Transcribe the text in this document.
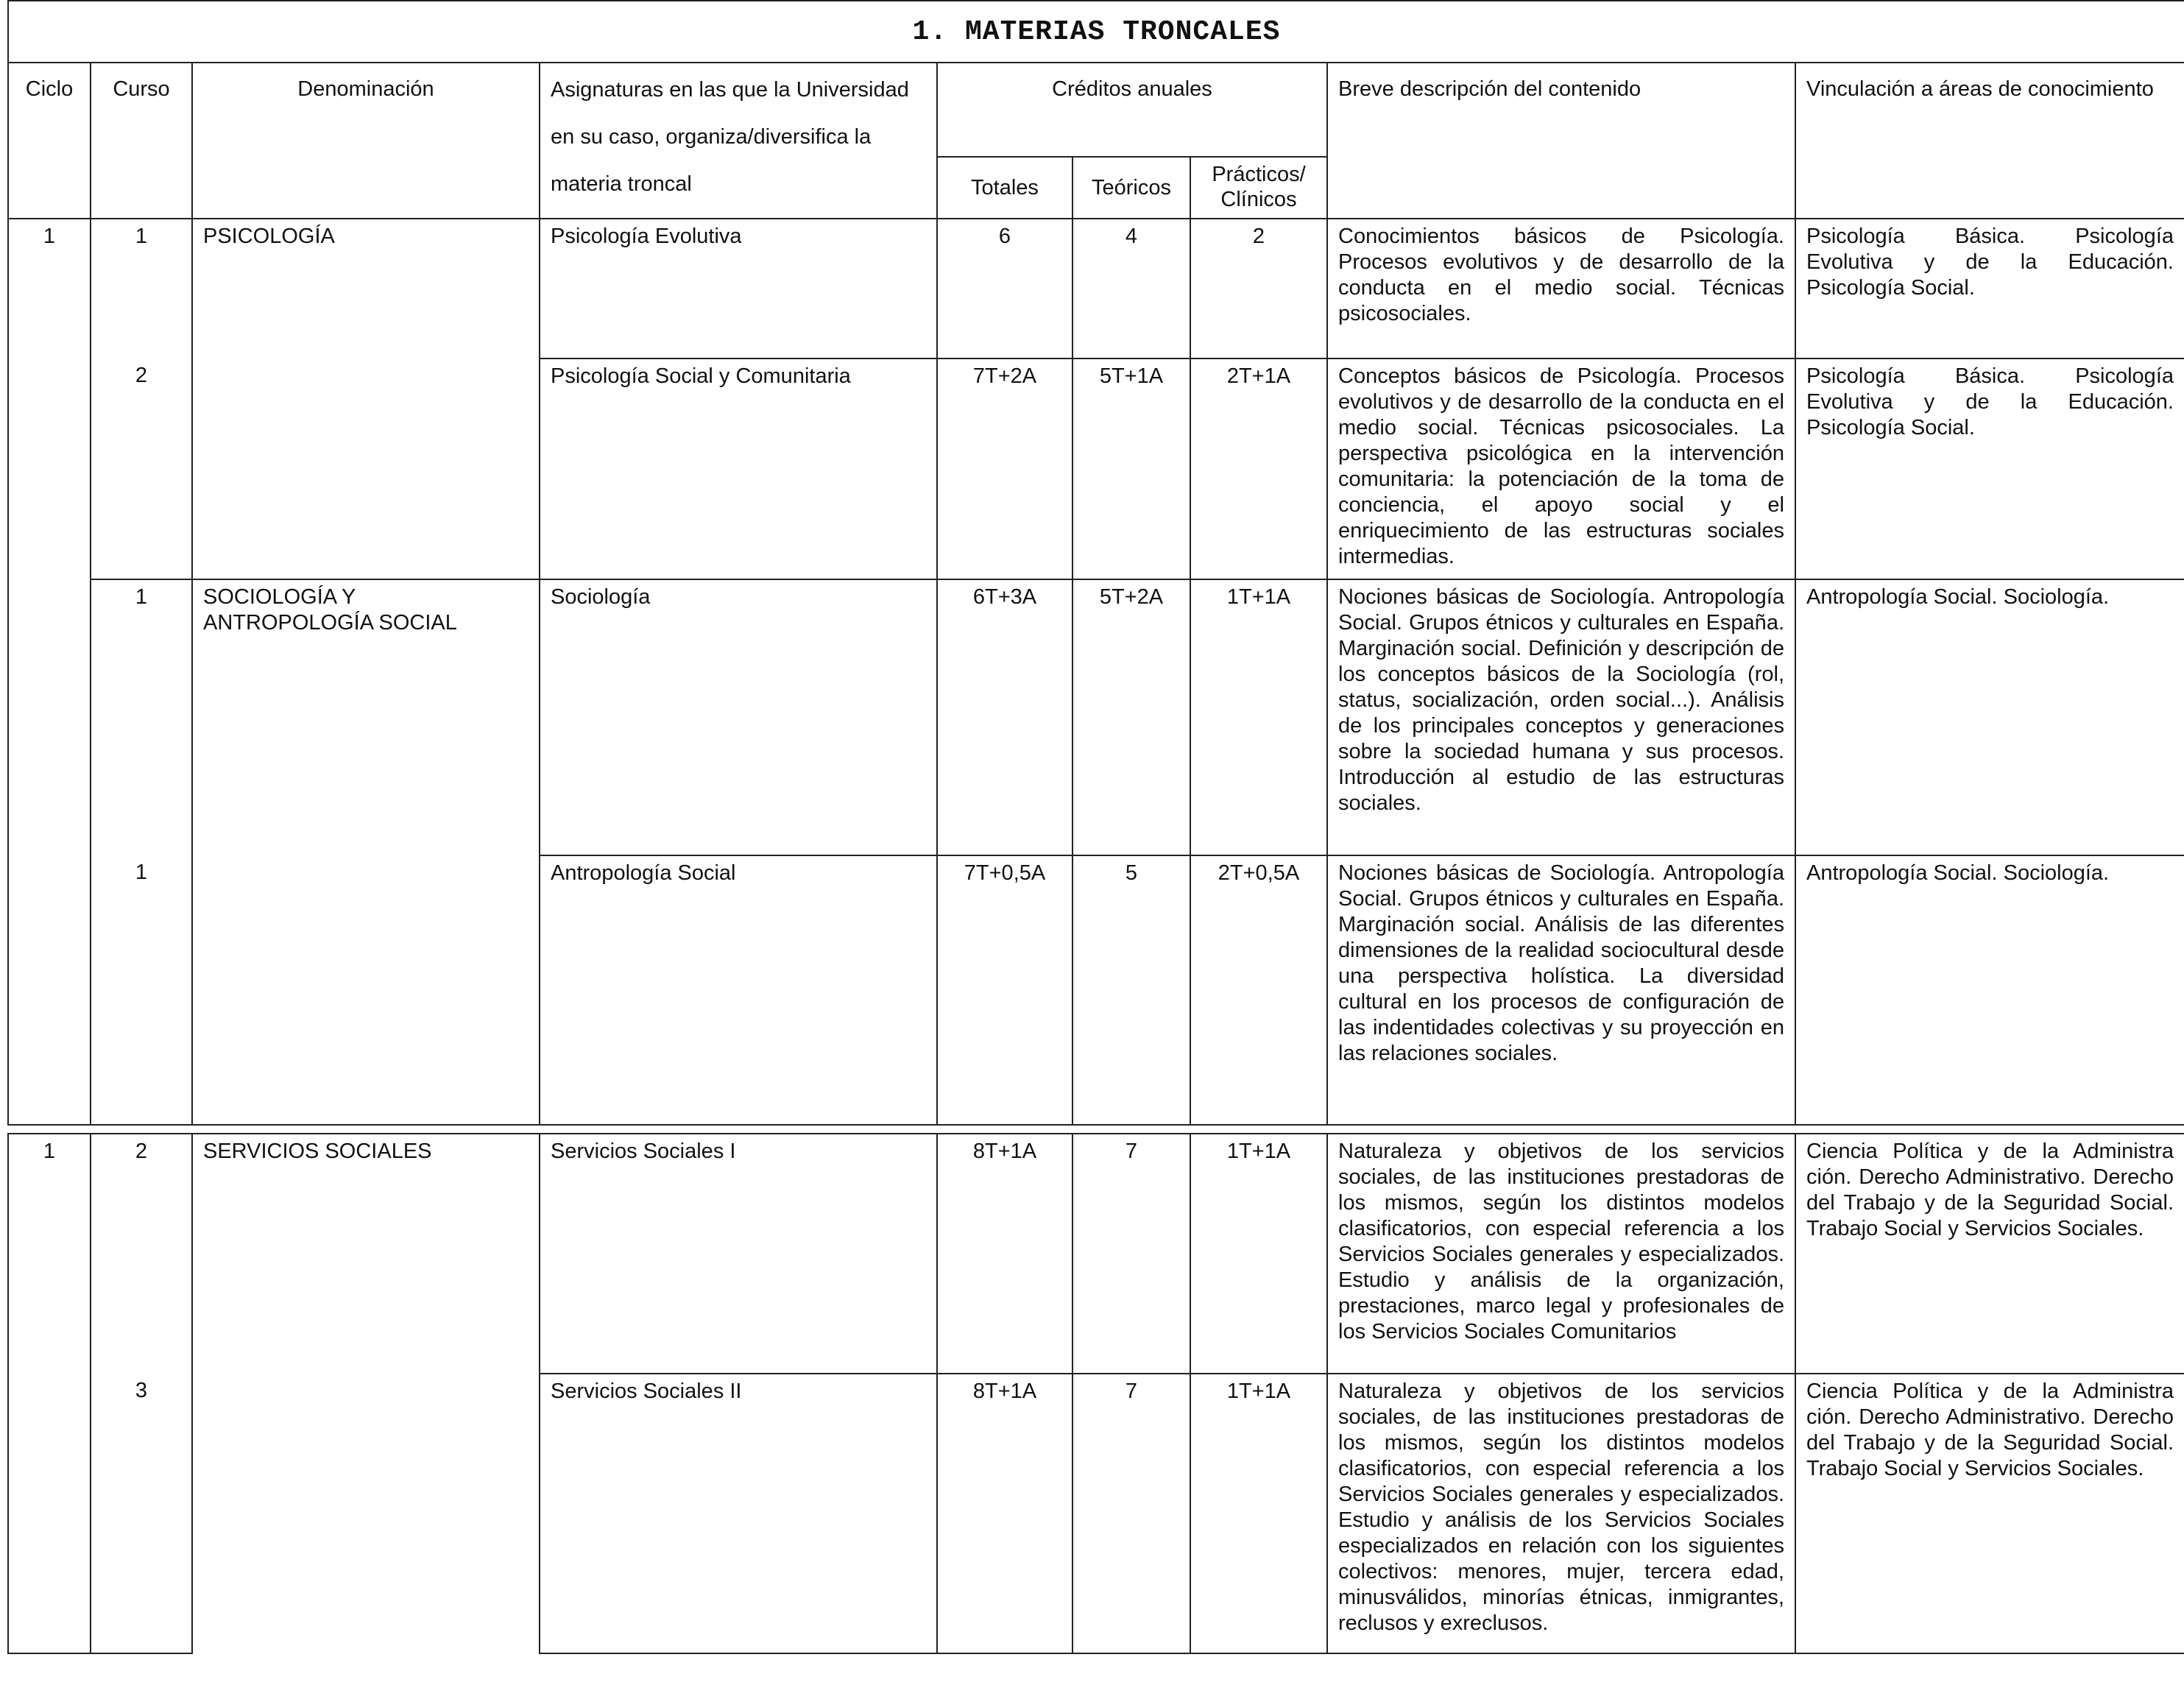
1. MATERIAS TRONCALES								
Ciclo	Curso	Denominación	Asignaturas en las que la Universidad
en su caso, organiza/diversifica la
materia troncal	Créditos anuales			Breve descripción del contenido	Vinculación a áreas de conocimiento
				Totales	Teóricos	Prácticos/
Clínicos		
1	1	PSICOLOGÍA	Psicología Evolutiva	6	4	2	Conocimientos básicos de Psicología. Procesos evolutivos y de desarrollo de la conducta en el medio social. Técnicas psicosociales.	Psicología Básica. Psicología Evolutiva y de la Educación. Psicología Social.
	2		Psicología Social y Comunitaria	7T+2A	5T+1A	2T+1A	Conceptos básicos de Psicología. Procesos evolutivos y de desarrollo de la conducta en el medio social. Técnicas psicosociales. La perspectiva psicológica en la intervención comunitaria: la potenciación de la toma de conciencia, el apoyo social y el enriquecimiento de las estructuras sociales intermedias.	Psicología Básica. Psicología Evolutiva y de la Educación. Psicología Social.
	1	SOCIOLOGÍA Y ANTROPOLOGÍA SOCIAL	Sociología	6T+3A	5T+2A	1T+1A	Nociones básicas de Sociología. Antropología Social. Grupos étnicos y culturales en España. Marginación social. Definición y descripción de los conceptos básicos de la Sociología (rol, status, socialización, orden social...). Análisis de los principales conceptos y generaciones sobre la sociedad humana y sus procesos. Introducción al estudio de las estructuras sociales.	Antropología Social. Sociología.
	1		Antropología Social	7T+0,5A	5	2T+0,5A	Nociones básicas de Sociología. Antropología Social. Grupos étnicos y culturales en España. Marginación social. Análisis de las diferentes dimensiones de la realidad sociocultural desde una perspectiva holística. La diversidad cultural en los procesos de configuración de las indentidades colectivas y su proyección en las relaciones sociales.	Antropología Social. Sociología.
1	2	SERVICIOS SOCIALES	Servicios Sociales I	8T+1A	7	1T+1A	Naturaleza y objetivos de los servicios sociales, de las instituciones prestadoras de los mismos, según los distintos modelos clasificatorios, con especial referencia a los Servicios Sociales generales y especializados. Estudio y análisis de la organización, prestaciones, marco legal y profesionales de los Servicios Sociales Comunitarios	Ciencia Política y de la Administra ción. Derecho Administrativo. Derecho del Trabajo y de la Seguridad Social. Trabajo Social y Servicios Sociales.
	3		Servicios Sociales II	8T+1A	7	1T+1A	Naturaleza y objetivos de los servicios sociales, de las instituciones prestadoras de los mismos, según los distintos modelos clasificatorios, con especial referencia a los Servicios Sociales generales y especializados. Estudio y análisis de los Servicios Sociales especializados en relación con los siguientes colectivos: menores, mujer, tercera edad, minusválidos, minorías étnicas, inmigrantes, reclusos y exreclusos.	Ciencia Política y de la Administra ción. Derecho Administrativo. Derecho del Trabajo y de la Seguridad Social. Trabajo Social y Servicios Sociales.
